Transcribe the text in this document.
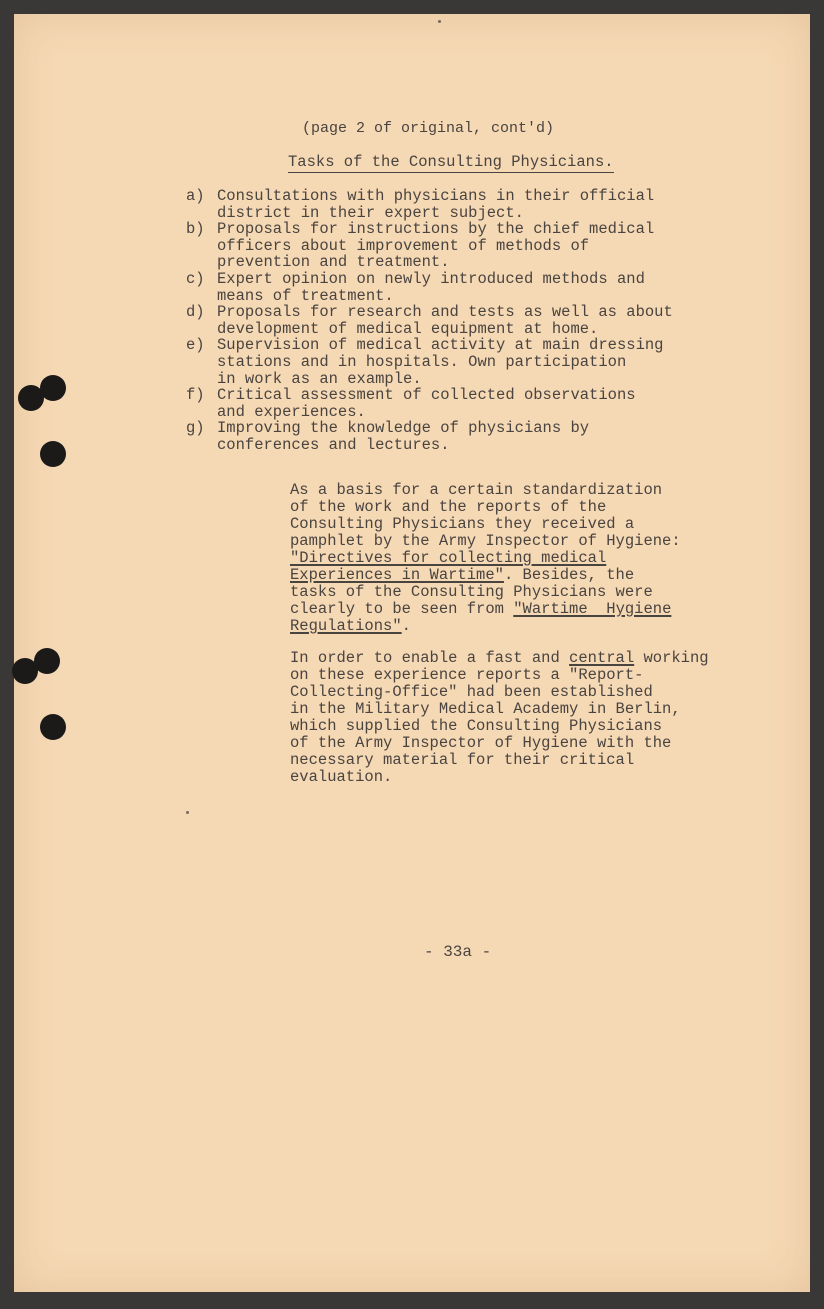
(page 2 of original, cont'd)
Tasks of the Consulting Physicians.
a) Consultations with physicians in their official
district in their expert subject.
b) Proposals for instructions by the chief medical
officers about improvement of methods of
prevention and treatment.
c) Expert opinion on newly introduced methods and
means of treatment.
d) Proposals for research and tests as well as about
development of medical equipment at home.
e) Supervision of medical activity at main dressing
stations and in hospitals. Own participation
in work as an example.
f) Critical assessment of collected observations
and experiences.
g) Improving the knowledge of physicians by
conferences and lectures.
As a basis for a certain standardization
of the work and the reports of the
Consulting Physicians they received a
pamphlet by the Army Inspector of Hygiene:
"Directives for collecting medical
Experiences in Wartime". Besides, the
tasks of the Consulting Physicians were
clearly to be seen from "Wartime  Hygiene
Regulations".
In order to enable a fast and central working
on these experience reports a "Report-
Collecting-Office" had been established
in the Military Medical Academy in Berlin,
which supplied the Consulting Physicians
of the Army Inspector of Hygiene with the
necessary material for their critical
evaluation.
- 33a -
